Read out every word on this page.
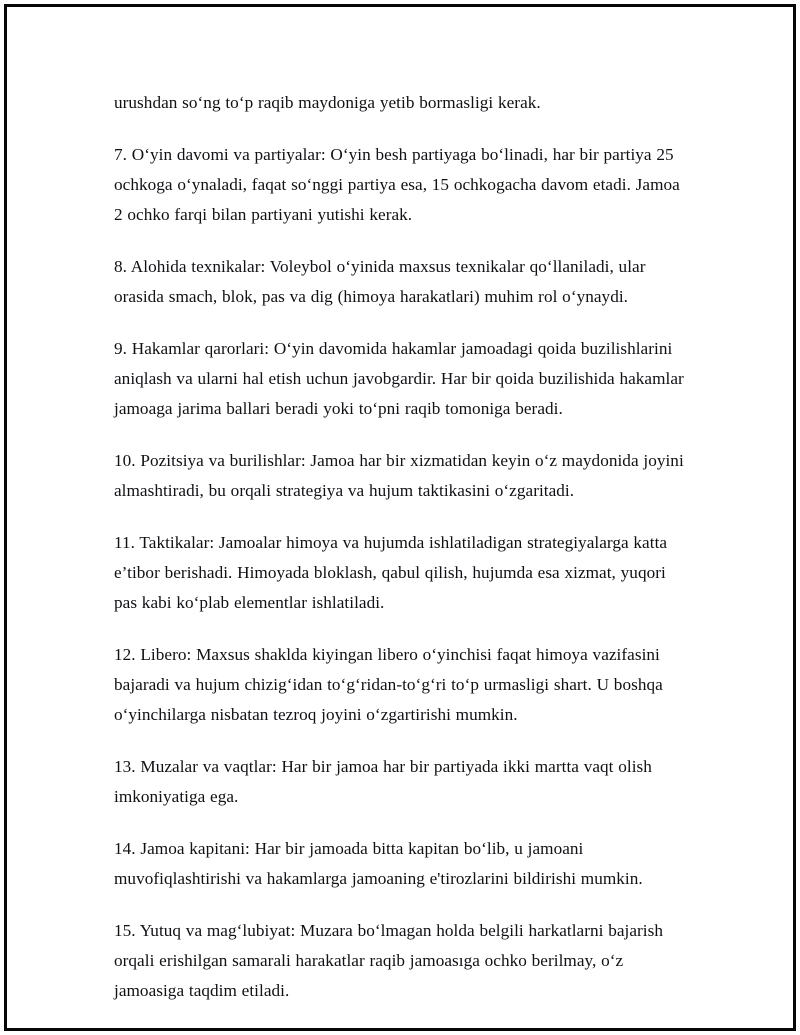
urushdan so‘ng to‘p raqib maydoniga yetib bormasligi kerak.

7. O‘yin davomi va partiyalar: O‘yin besh partiyaga bo‘linadi, har bir partiya 25 ochkoga o‘ynaladi, faqat so‘nggi partiya esa, 15 ochkogacha davom etadi. Jamoa 2 ochko farqi bilan partiyani yutishi kerak.

8. Alohida texnikalar: Voleybol o‘yinida maxsus texnikalar qo‘llaniladi, ular orasida smach, blok, pas va dig (himoya harakatlari) muhim rol o‘ynaydi.

9. Hakamlar qarorlari: O‘yin davomida hakamlar jamoadagi qoida buzilishlarini aniqlash va ularni hal etish uchun javobgardir. Har bir qoida buzilishida hakamlar jamoaga jarima ballari beradi yoki to‘pni raqib tomoniga beradi.

10. Pozitsiya va burilishlar: Jamoa har bir xizmatidan keyin o‘z maydonida joyini almashtiradi, bu orqali strategiya va hujum taktikasini o‘zgaritadi.

11. Taktikalar: Jamoalar himoya va hujumda ishlatiladigan strategiyalarga katta e’tibor berishadi. Himoyada bloklash, qabul qilish, hujumda esa xizmat, yuqori pas kabi ko‘plab elementlar ishlatiladi.

12. Libero: Maxsus shaklda kiyingan libero o‘yinchisi faqat himoya vazifasini bajaradi va hujum chizig‘idan to‘g‘ridan-to‘g‘ri to‘p urmasligi shart. U boshqa o‘yinchilarga nisbatan tezroq joyini o‘zgartirishi mumkin.

13. Muzalar va vaqtlar: Har bir jamoa har bir partiyada ikki martta vaqt olish imkoniyatiga ega.

14. Jamoa kapitani: Har bir jamoada bitta kapitan bo‘lib, u jamoani muvofiqlashtirishi va hakamlarga jamoaning e'tirozlarini bildirishi mumkin.

15. Yutuq va mag‘lubiyat: Muzara bo‘lmagan holda belgili harkatlarni bajarish orqali erishilgan samarali harakatlar raqib jamoasıga ochko berilmay, o‘z jamoasiga taqdim etiladi.
